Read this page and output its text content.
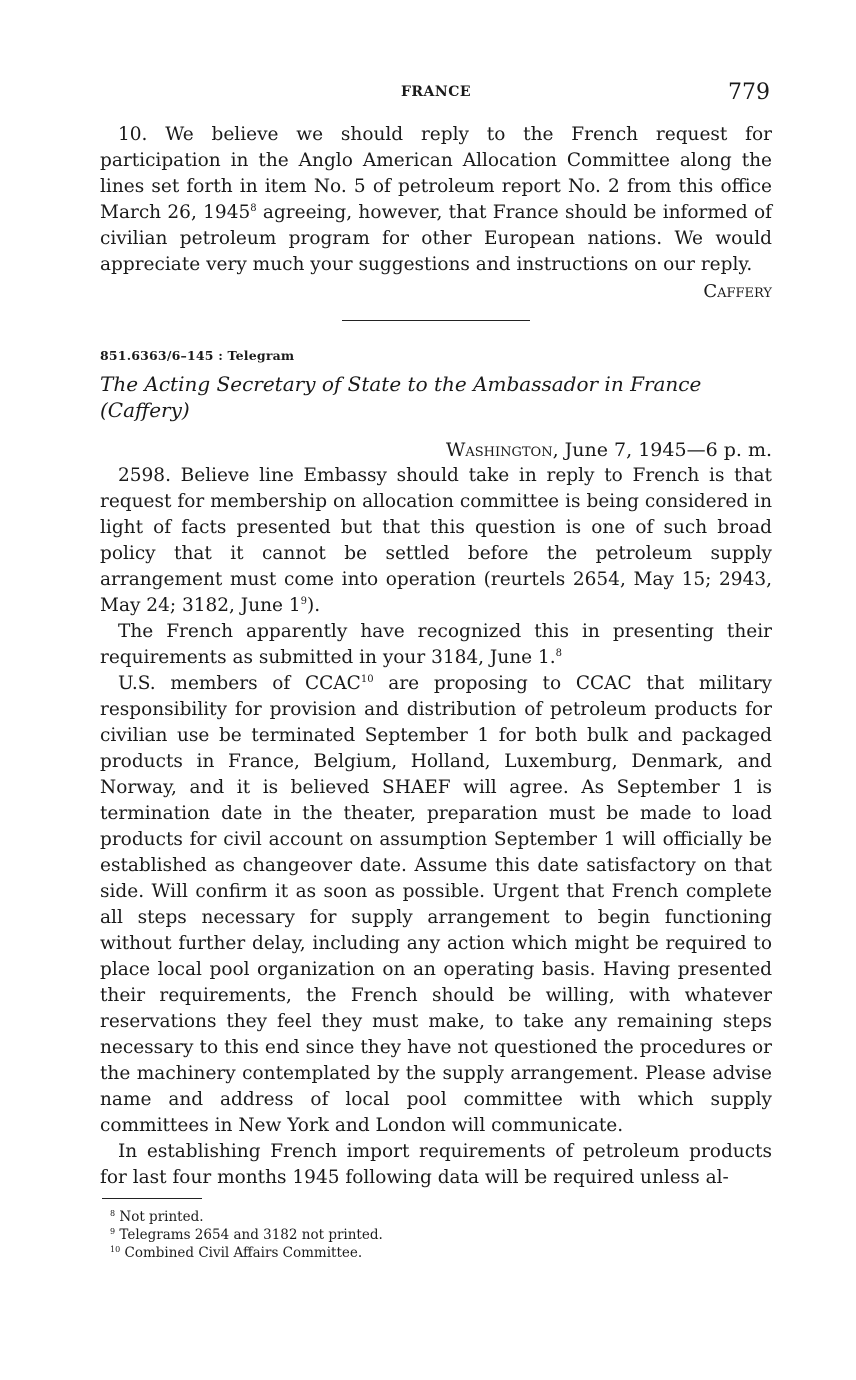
FRANCE	779

10. We believe we should reply to the French request for participation in the Anglo American Allocation Committee along the lines set forth in item No. 5 of petroleum report No. 2 from this office March 26, 1945$^8$ agreeing, however, that France should be informed of civilian petroleum program for other European nations. We would appreciate very much your suggestions and instructions on our reply.

Caffery
851.6363/6–145 : Telegram
The Acting Secretary of State to the Ambassador in France (Caffery)
Washington, June 7, 1945—6 p. m.

2598. Believe line Embassy should take in reply to French is that request for membership on allocation committee is being considered in light of facts presented but that this question is one of such broad policy that it cannot be settled before the petroleum supply arrangement must come into operation (reurtels 2654, May 15; 2943, May 24; 3182, June $1^9$).

The French apparently have recognized this in presenting their requirements as submitted in your 3184, June 1.$^8$

U.S. members of CCAC$^{10}$ are proposing to CCAC that military responsibility for provision and distribution of petroleum products for civilian use be terminated September 1 for both bulk and packaged products in France, Belgium, Holland, Luxemburg, Denmark, and Norway, and it is believed SHAEF will agree. As September 1 is termination date in the theater, preparation must be made to load products for civil account on assumption September 1 will officially be established as changeover date. Assume this date satisfactory on that side. Will confirm it as soon as possible. Urgent that French complete all steps necessary for supply arrangement to begin functioning without further delay, including any action which might be required to place local pool organization on an operating basis. Having presented their requirements, the French should be willing, with whatever reservations they feel they must make, to take any remaining steps necessary to this end since they have not questioned the procedures or the machinery contemplated by the supply arrangement. Please advise name and address of local pool committee with which supply committees in New York and London will communicate.

In establishing French import requirements of petroleum products for last four months 1945 following data will be required unless al-

$^8$ Not printed.
$^9$ Telegrams 2654 and 3182 not printed.
$^{10}$ Combined Civil Affairs Committee.
